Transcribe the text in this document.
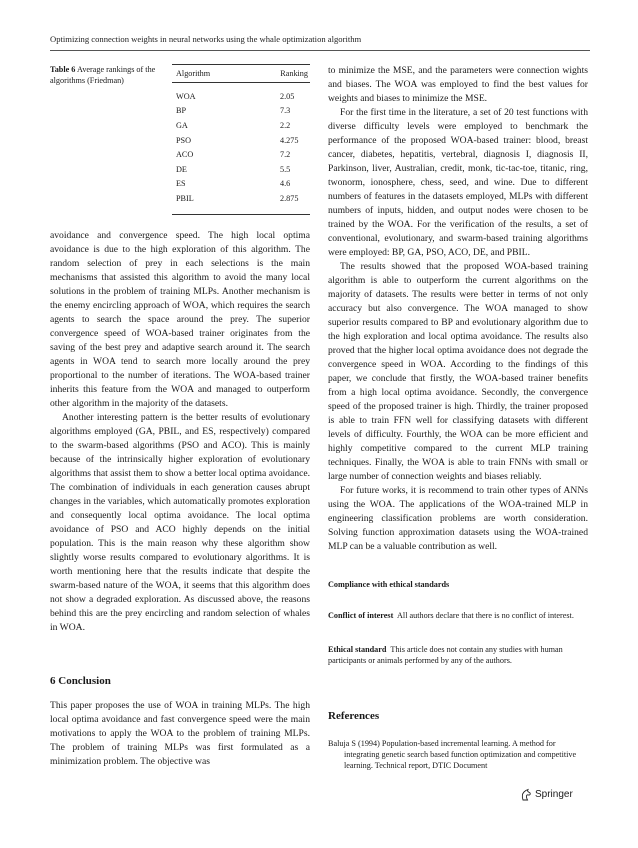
Optimizing connection weights in neural networks using the whale optimization algorithm
Table 6 Average rankings of the algorithms (Friedman)
Algorithm	Ranking
WOA	2.05
BP	7.3
GA	2.2
PSO	4.275
ACO	7.2
DE	5.5
ES	4.6
PBIL	2.875

avoidance and convergence speed. The high local optima avoidance is due to the high exploration of this algorithm. The random selection of prey in each selections is the main mechanisms that assisted this algorithm to avoid the many local solutions in the problem of training MLPs. Another mechanism is the enemy encircling approach of WOA, which requires the search agents to search the space around the prey. The superior convergence speed of WOA-based trainer originates from the saving of the best prey and adaptive search around it. The search agents in WOA tend to search more locally around the prey proportional to the number of iterations. The WOA-based trainer inherits this feature from the WOA and managed to outperform other algorithm in the majority of the datasets.

Another interesting pattern is the better results of evolutionary algorithms employed (GA, PBIL, and ES, respectively) compared to the swarm-based algorithms (PSO and ACO). This is mainly because of the intrinsically higher exploration of evolutionary algorithms that assist them to show a better local optima avoidance. The combination of individuals in each generation causes abrupt changes in the variables, which automatically promotes exploration and consequently local optima avoidance. The local optima avoidance of PSO and ACO highly depends on the initial population. This is the main reason why these algorithm show slightly worse results compared to evolutionary algorithms. It is worth mentioning here that the results indicate that despite the swarm-based nature of the WOA, it seems that this algorithm does not show a degraded exploration. As discussed above, the reasons behind this are the prey encircling and random selection of whales in WOA.

6 Conclusion

This paper proposes the use of WOA in training MLPs. The high local optima avoidance and fast convergence speed were the main motivations to apply the WOA to the problem of training MLPs. The problem of training MLPs was first formulated as a minimization problem. The objective was

to minimize the MSE, and the parameters were connection wights and biases. The WOA was employed to find the best values for weights and biases to minimize the MSE.

For the first time in the literature, a set of 20 test functions with diverse difficulty levels were employed to benchmark the performance of the proposed WOA-based trainer: blood, breast cancer, diabetes, hepatitis, vertebral, diagnosis I, diagnosis II, Parkinson, liver, Australian, credit, monk, tic-tac-toe, titanic, ring, twonorm, ionosphere, chess, seed, and wine. Due to different numbers of features in the datasets employed, MLPs with different numbers of inputs, hidden, and output nodes were chosen to be trained by the WOA. For the verification of the results, a set of conventional, evolutionary, and swarm-based training algorithms were employed: BP, GA, PSO, ACO, DE, and PBIL.

The results showed that the proposed WOA-based training algorithm is able to outperform the current algorithms on the majority of datasets. The results were better in terms of not only accuracy but also convergence. The WOA managed to show superior results compared to BP and evolutionary algorithm due to the high exploration and local optima avoidance. The results also proved that the higher local optima avoidance does not degrade the convergence speed in WOA. According to the findings of this paper, we conclude that firstly, the WOA-based trainer benefits from a high local optima avoidance. Secondly, the convergence speed of the proposed trainer is high. Thirdly, the trainer proposed is able to train FFN well for classifying datasets with different levels of difficulty. Fourthly, the WOA can be more efficient and highly competitive compared to the current MLP training techniques. Finally, the WOA is able to train FNNs with small or large number of connection weights and biases reliably.

For future works, it is recommend to train other types of ANNs using the WOA. The applications of the WOA-trained MLP in engineering classification problems are worth consideration. Solving function approximation datasets using the WOA-trained MLP can be a valuable contribution as well.

Compliance with ethical standards
Conflict of interest All authors declare that there is no conflict of interest.
Ethical standard This article does not contain any studies with human participants or animals performed by any of the authors.
References
Baluja S (1994) Population-based incremental learning. A method for integrating genetic search based function optimization and competitive learning. Technical report, DTIC Document
Springer
